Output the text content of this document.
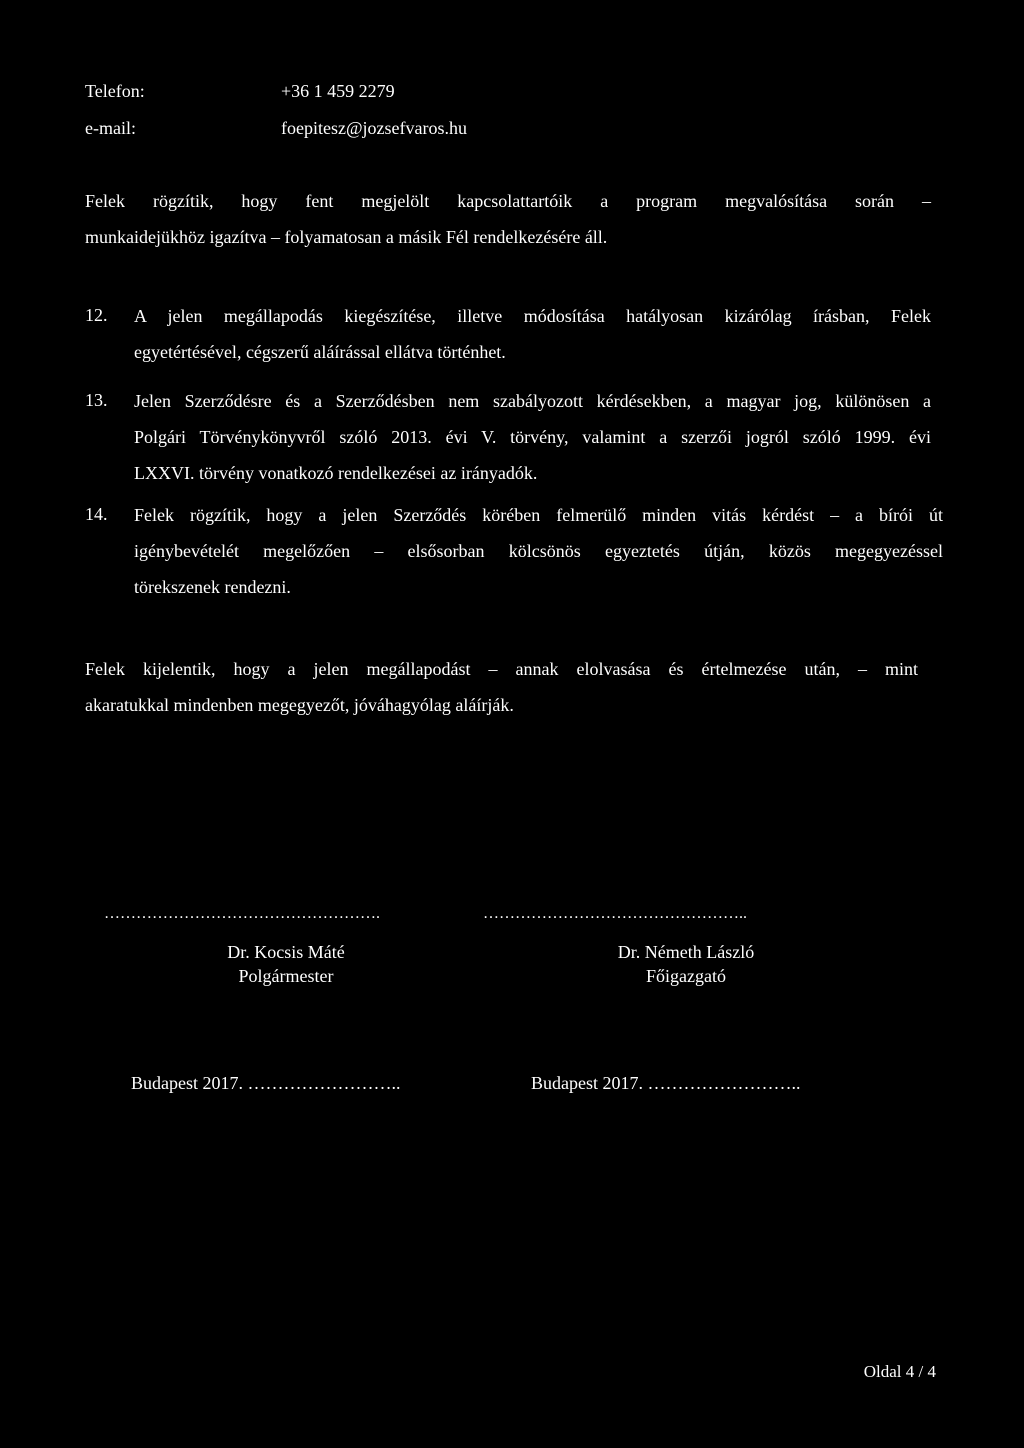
Telefon:	+36 1 459 2279
e-mail:	foepitesz@jozsefvaros.hu
Felek rögzítik, hogy fent megjelölt kapcsolattartóik a program megvalósítása során –
munkaidejükhöz igazítva – folyamatosan a másik Fél rendelkezésére áll.
12. A jelen megállapodás kiegészítése, illetve módosítása hatályosan kizárólag írásban, Felek
egyetértésével, cégszerű aláírással ellátva történhet.
13. Jelen Szerződésre és a Szerződésben nem szabályozott kérdésekben, a magyar jog, különösen a
Polgári Törvénykönyvről szóló 2013. évi V. törvény, valamint a szerzői jogról szóló 1999. évi
LXXVI. törvény vonatkozó rendelkezései az irányadók.
14. Felek rögzítik, hogy a jelen Szerződés körében felmerülő minden vitás kérdést – a bírói út
igénybevételét megelőzően – elsősorban kölcsönös egyeztetés útján, közös megegyezéssel
törekszenek rendezni.
Felek kijelentik, hogy a jelen megállapodást – annak elolvasása és értelmezése után, – mint
akaratukkal mindenben megegyezőt, jóváhagyólag aláírják.
…………………………………………….	…………………………………………..
Dr. Kocsis Máté
Polgármester
Dr. Németh László
Főigazgató
Budapest 2017. ……………………..	Budapest 2017. ……………………..
Oldal 4 / 4
